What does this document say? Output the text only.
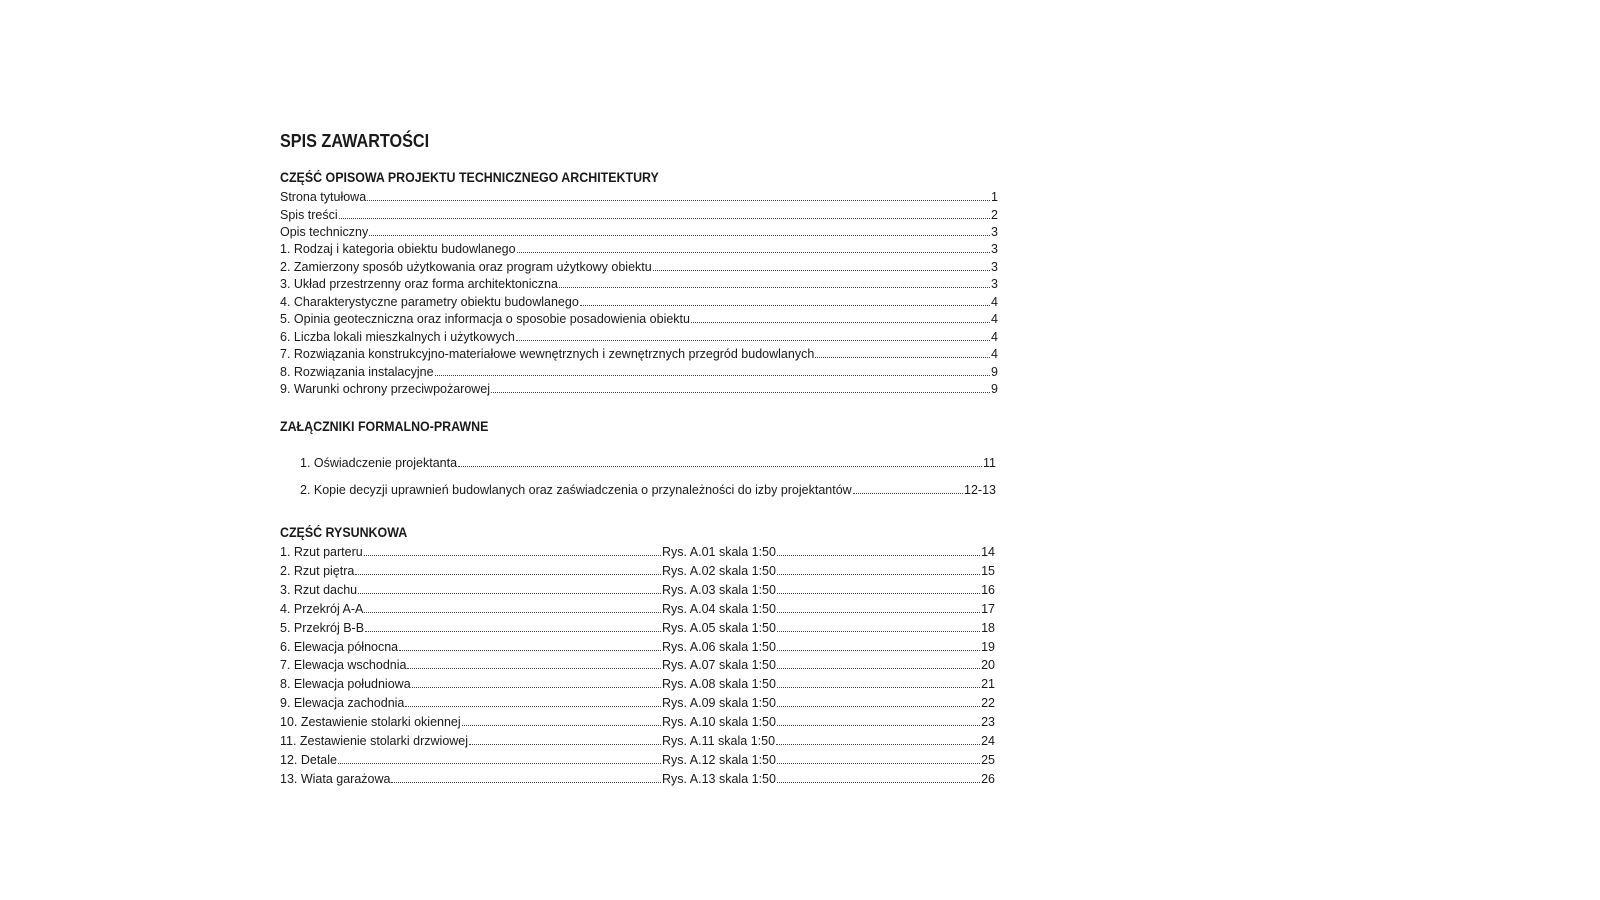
SPIS ZAWARTOŚCI
CZĘŚĆ OPISOWA PROJEKTU TECHNICZNEGO ARCHITEKTURY
Strona tytułowa	1
Spis treści	2
Opis techniczny	3
1. Rodzaj i kategoria obiektu budowlanego	3
2. Zamierzony sposób użytkowania oraz program użytkowy obiektu	3
3. Układ przestrzenny oraz forma architektoniczna	3
4. Charakterystyczne parametry obiektu budowlanego	4
5. Opinia geoteczniczna oraz informacja o sposobie posadowienia obiektu	4
6. Liczba lokali mieszkalnych i użytkowych	4
7. Rozwiązania konstrukcyjno-materiałowe wewnętrznych i zewnętrznych przegród budowlanych	4
8. Rozwiązania instalacyjne	9
9. Warunki ochrony przeciwpożarowej	9
ZAŁĄCZNIKI FORMALNO-PRAWNE
1. Oświadczenie projektanta	11
2. Kopie decyzji uprawnień budowlanych oraz zaświadczenia o przynależności do izby projektantów	12-13
CZĘŚĆ RYSUNKOWA
1. Rzut parteru	Rys. A.01 skala 1:50	14
2. Rzut piętra	Rys. A.02 skala 1:50	15
3. Rzut dachu	Rys. A.03 skala 1:50	16
4. Przekrój A-A	Rys. A.04 skala 1:50	17
5. Przekrój B-B	Rys. A.05 skala 1:50	18
6. Elewacja północna	Rys. A.06 skala 1:50	19
7. Elewacja wschodnia	Rys. A.07 skala 1:50	20
8. Elewacja południowa	Rys. A.08 skala 1:50	21
9. Elewacja zachodnia	Rys. A.09 skala 1:50	22
10. Zestawienie stolarki okiennej	Rys. A.10 skala 1:50	23
11. Zestawienie stolarki drzwiowej	Rys. A.11 skala 1:50	24
12. Detale	Rys. A.12 skala 1:50	25
13. Wiata garażowa	Rys. A.13 skala 1:50	26
